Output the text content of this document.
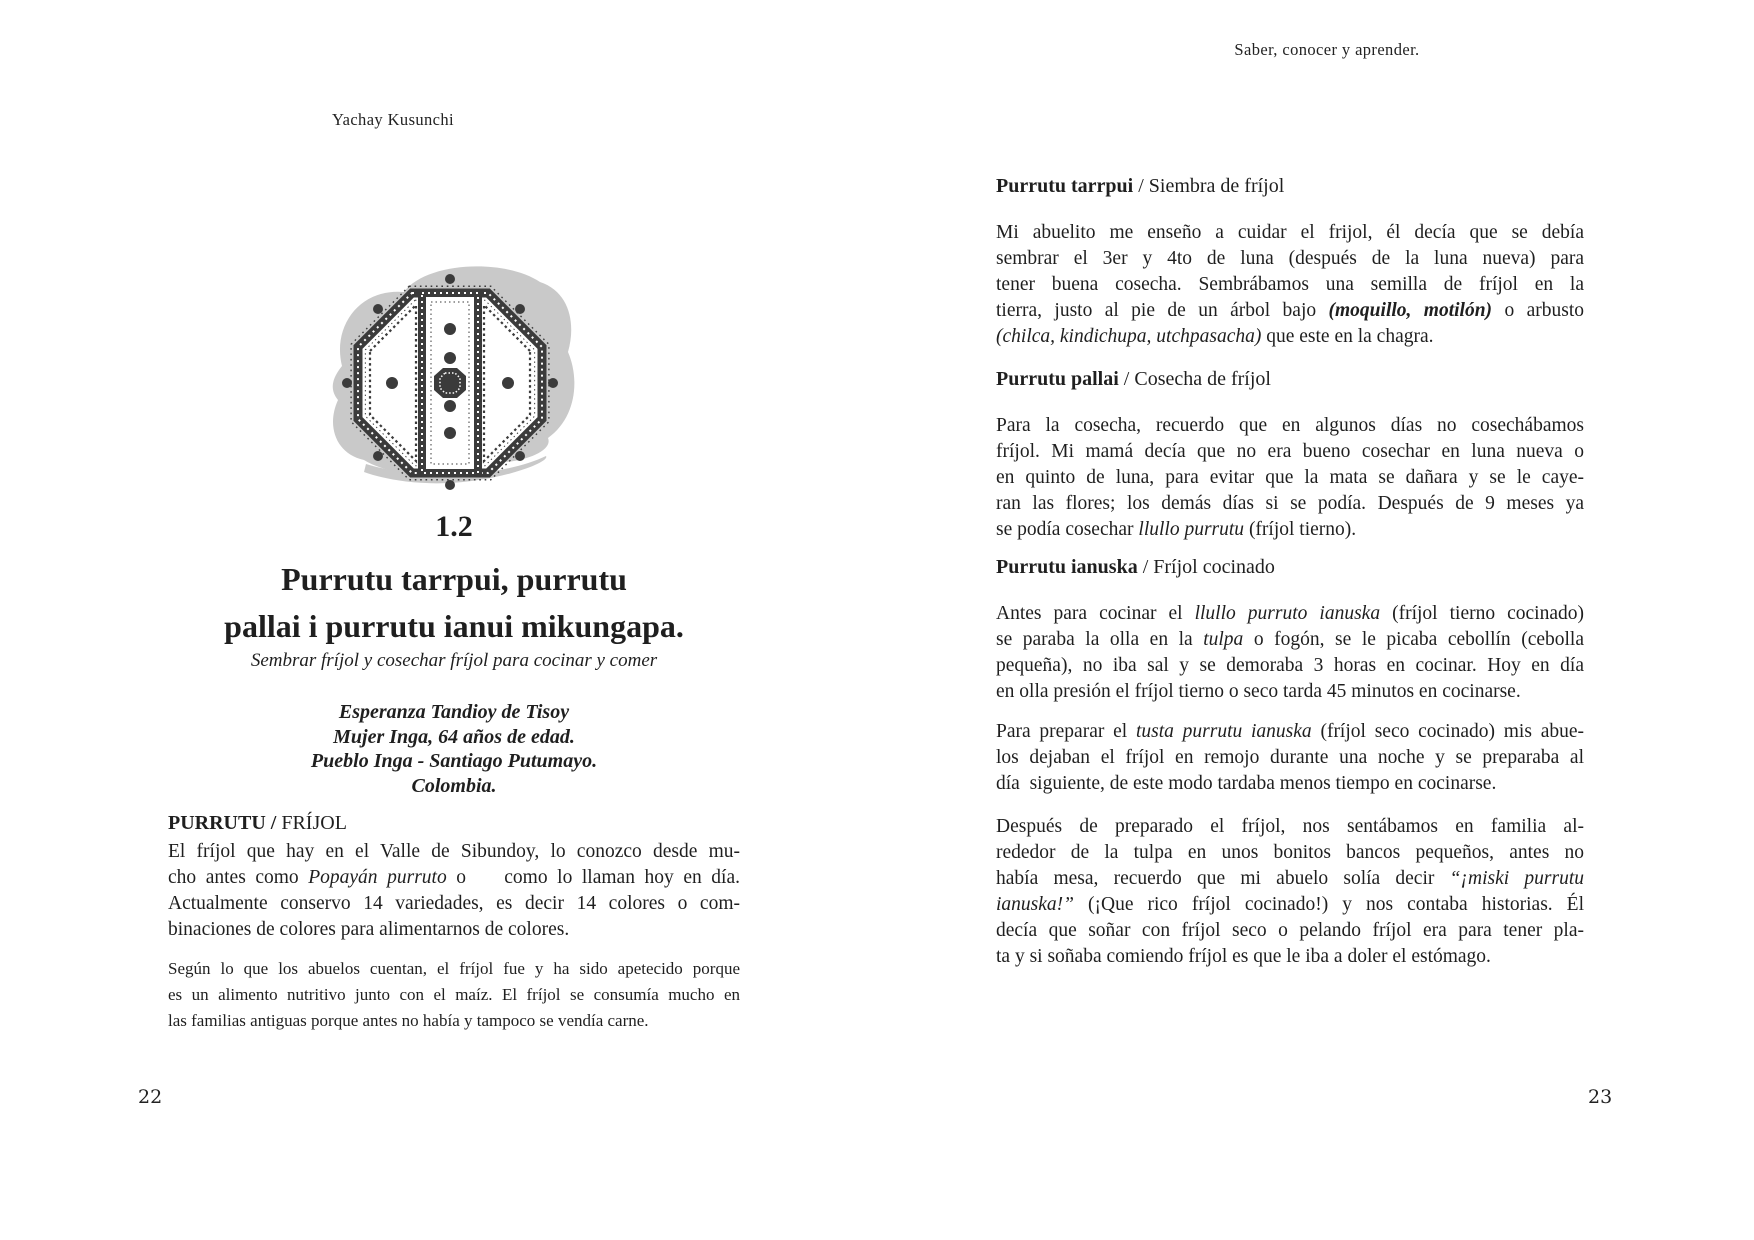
Yachay Kusunchi
1.2
Purrutu tarrpui, purrutu
pallai i purrutu ianui mikungapa.
Sembrar fríjol y cosechar fríjol para cocinar y comer
Esperanza Tandioy de Tisoy
Mujer Inga, 64 años de edad.
Pueblo Inga - Santiago Putumayo.
Colombia.
PURRUTU / FRÍJOL
El fríjol que hay en el Valle de Sibundoy, lo conozco desde mu-
cho antes como Popayán purruto o    como lo llaman hoy en día.
Actualmente conservo 14 variedades, es decir 14 colores o com-
binaciones de colores para alimentarnos de colores.
Según lo que los abuelos cuentan, el fríjol fue y ha sido apetecido porque
es un alimento nutritivo junto con el maíz. El fríjol se consumía mucho en
las familias antiguas porque antes no había y tampoco se vendía carne.
22
Saber, conocer y aprender.
Purrutu tarrpui / Siembra de fríjol
Mi abuelito me enseño a cuidar el frijol, él decía que se debía
sembrar el 3er y 4to de luna (después de la luna nueva) para
tener buena cosecha. Sembrábamos una semilla de fríjol en la
tierra, justo al pie de un árbol bajo (moquillo, motilón) o arbusto
(chilca, kindichupa, utchpasacha) que este en la chagra.
Purrutu pallai / Cosecha de fríjol
Para la cosecha, recuerdo que en algunos días no cosechábamos
fríjol. Mi mamá decía que no era bueno cosechar en luna nueva o
en quinto de luna, para evitar que la mata se dañara y se le caye-
ran las flores; los demás días si se podía. Después de 9 meses ya
se podía cosechar llullo purrutu (fríjol tierno).
Purrutu ianuska / Fríjol cocinado
Antes para cocinar el llullo purruto ianuska (fríjol tierno cocinado)
se paraba la olla en la tulpa o fogón, se le picaba cebollín (cebolla
pequeña), no iba sal y se demoraba 3 horas en cocinar. Hoy en día
en olla presión el fríjol tierno o seco tarda 45 minutos en cocinarse.
Para preparar el tusta purrutu ianuska (fríjol seco cocinado) mis abue-
los dejaban el fríjol en remojo durante una noche y se preparaba al
día  siguiente, de este modo tardaba menos tiempo en cocinarse.
Después de preparado el fríjol, nos sentábamos en familia al-
rededor de la tulpa en unos bonitos bancos pequeños, antes no
había mesa, recuerdo que mi abuelo solía decir “¡miski purrutu
ianuska!” (¡Que rico fríjol cocinado!) y nos contaba historias. Él
decía que soñar con fríjol seco o pelando fríjol era para tener pla-
ta y si soñaba comiendo fríjol es que le iba a doler el estómago.
23
